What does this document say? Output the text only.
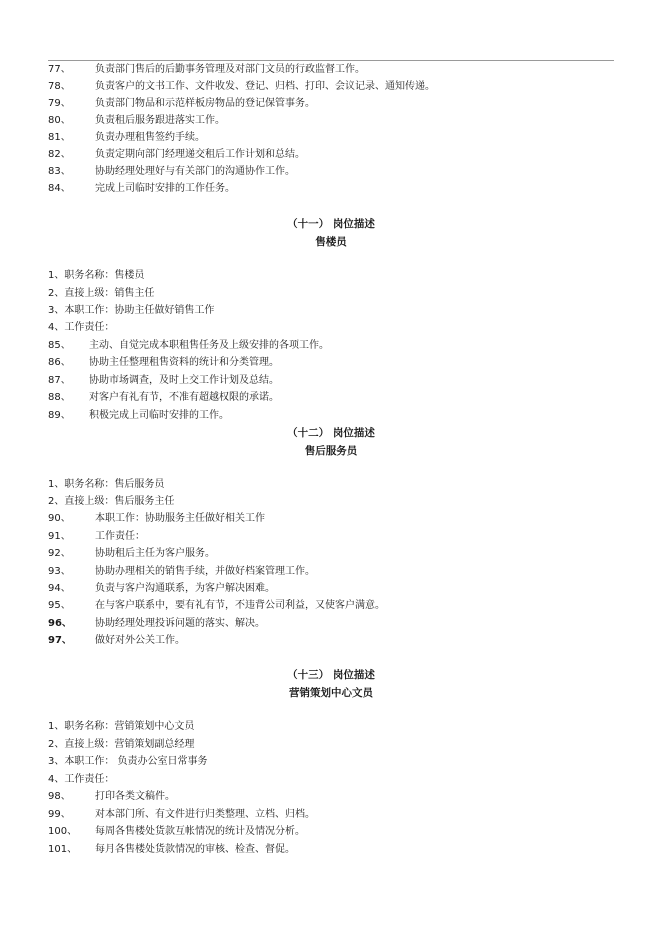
77、 负责部门售后的后勤事务管理及对部门文员的行政监督工作。
78、 负责客户的文书工作、文件收发、登记、归档、打印、会议记录、通知传递。
79、 负责部门物品和示范样板房物品的登记保管事务。
80、 负责租后服务跟进落实工作。
81、 负责办理租售签约手续。
82、 负责定期向部门经理递交租后工作计划和总结。
83、 协助经理处理好与有关部门的沟通协作工作。
84、 完成上司临时安排的工作任务。
（十一） 岗位描述
售楼员
1、职务名称：售楼员
2、直接上级：销售主任
3、本职工作：协助主任做好销售工作
4、工作责任：
85、 主动、自觉完成本职租售任务及上级安排的各项工作。
86、 协助主任整理租售资料的统计和分类管理。
87、 协助市场调查，及时上交工作计划及总结。
88、 对客户有礼有节，不准有超越权限的承诺。
89、 积极完成上司临时安排的工作。
（十二） 岗位描述
售后服务员
1、职务名称：售后服务员
2、直接上级：售后服务主任
90、 本职工作：协助服务主任做好相关工作
91、 工作责任：
92、 协助租后主任为客户服务。
93、 协助办理相关的销售手续，并做好档案管理工作。
94、 负责与客户沟通联系，为客户解决困难。
95、 在与客户联系中，要有礼有节，不违背公司利益，又使客户满意。
96、 协助经理处理投诉问题的落实、解决。
97、 做好对外公关工作。
（十三） 岗位描述
营销策划中心文员
1、职务名称：营销策划中心文员
2、直接上级：营销策划副总经理
3、本职工作： 负责办公室日常事务
4、工作责任：
98、 打印各类文稿件。
99、 对本部门所、有文件进行归类整理、立档、归档。
100、 每周各售楼处货款互帐情况的统计及情况分析。
101、 每月各售楼处货款情况的审核、检查、督促。
